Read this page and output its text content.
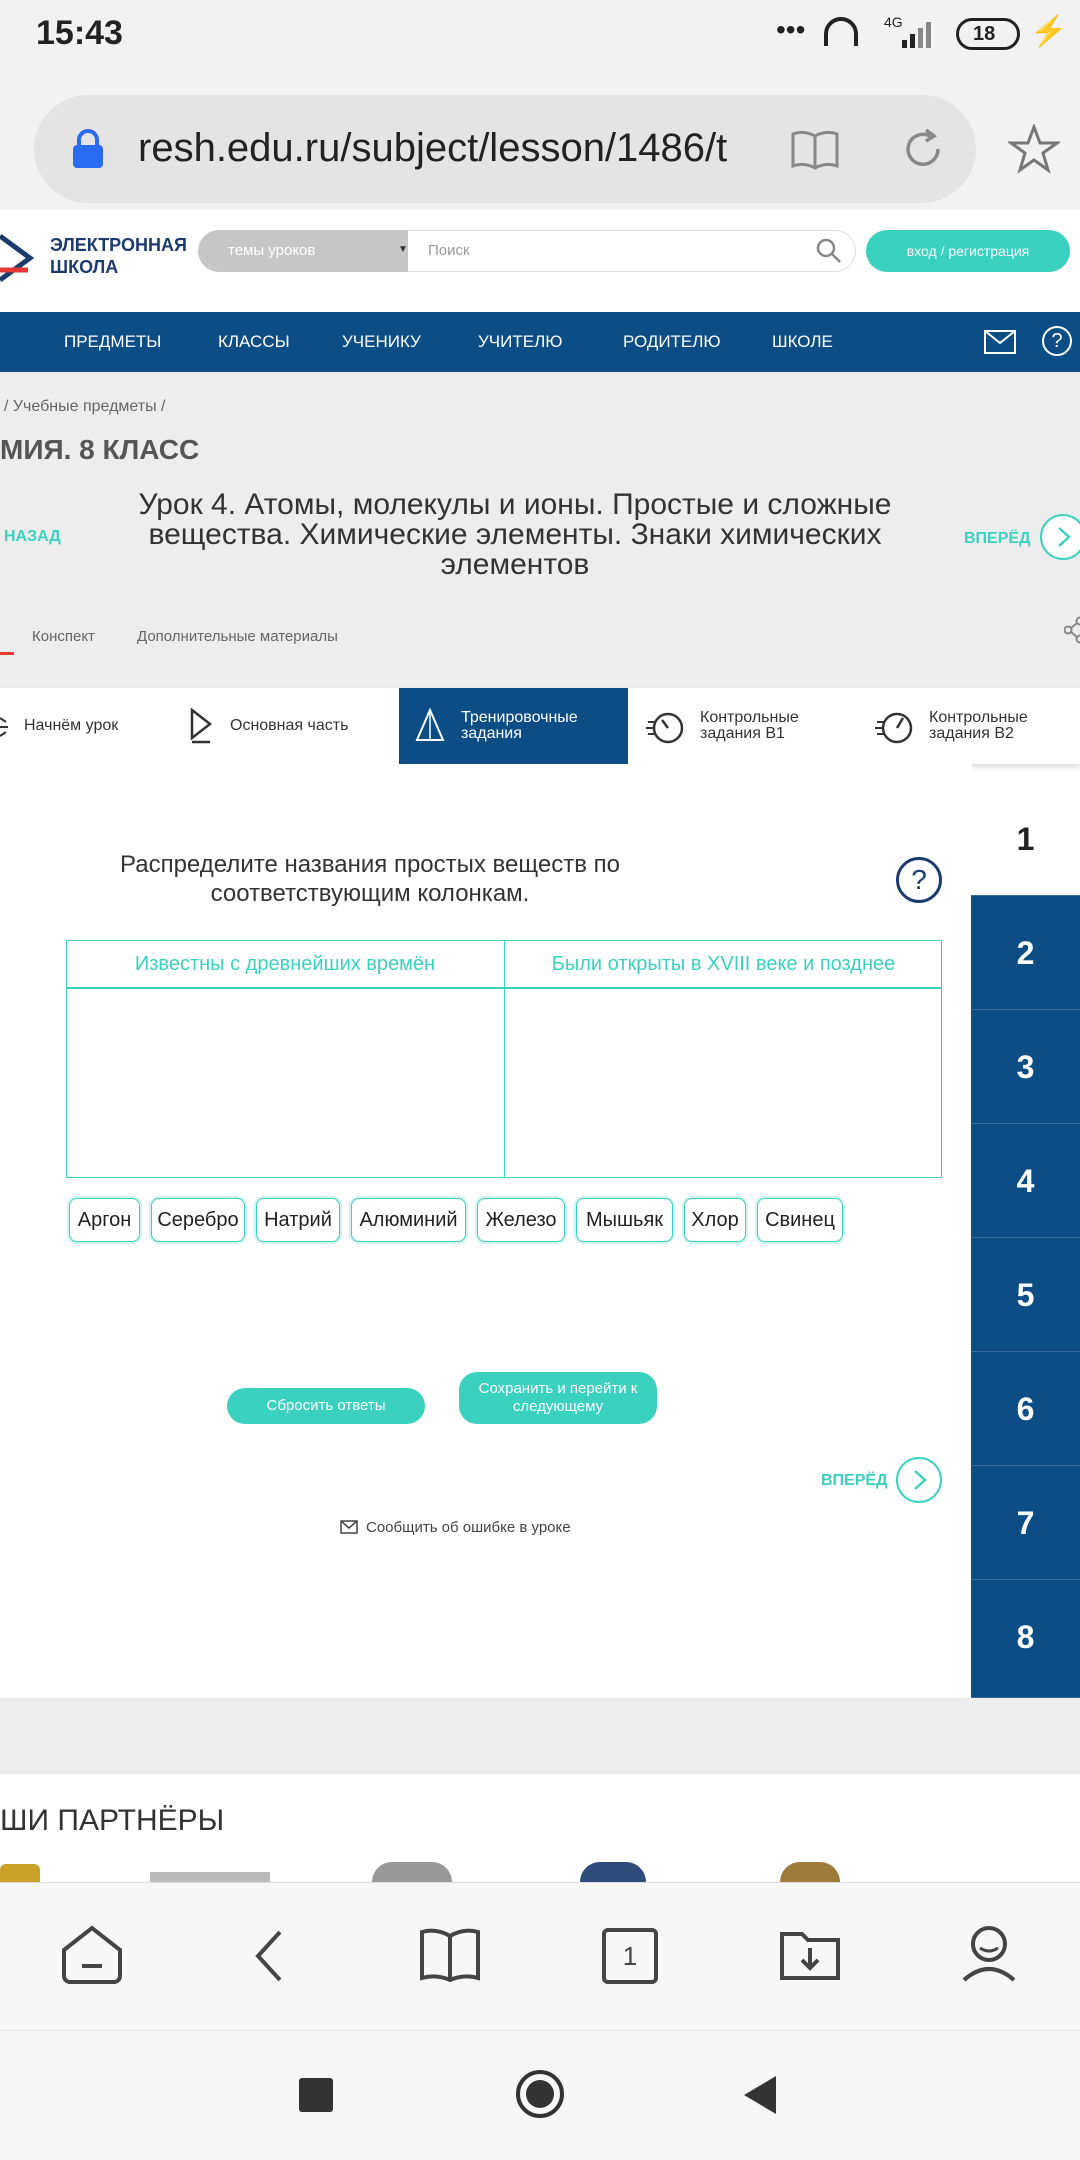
15:43	•••	4G
18	⚡
resh.edu.ru/subject/lesson/1486/t
ЭЛЕКТРОННАЯ
ШКОЛА
темы уроков	▼	Поиск	вход / регистрация
ПРЕДМЕТЫ	КЛАССЫ	УЧЕНИКУ	УЧИТЕЛЮ	РОДИТЕЛЮ	ШКОЛЕ	?
/ Учебные предметы /
МИЯ. 8 КЛАСС
Урок 4. Атомы, молекулы и ионы. Простые и сложные вещества. Химические элементы. Знаки химических элементов
НАЗАД	ВПЕРЁД
Конспект	Дополнительные материалы
Начнём урок	Основная часть	Тренировочные задания
Контрольные задания В1
Контрольные задания В2
Распределите названия простых веществ по соответствующим колонкам.	?
Известны с древнейших времён	Были открыты в XVIII веке и позднее
Аргон	Серебро	Натрий	Алюминий	Железо	Мышьяк	Хлор	Свинец
Сбросить ответы
Сохранить и перейти к следующему
ВПЕРЁД
Сообщить об ошибке в уроке
1
2
3
4
5
6
7
8
ШИ ПАРТНЁРЫ
1
